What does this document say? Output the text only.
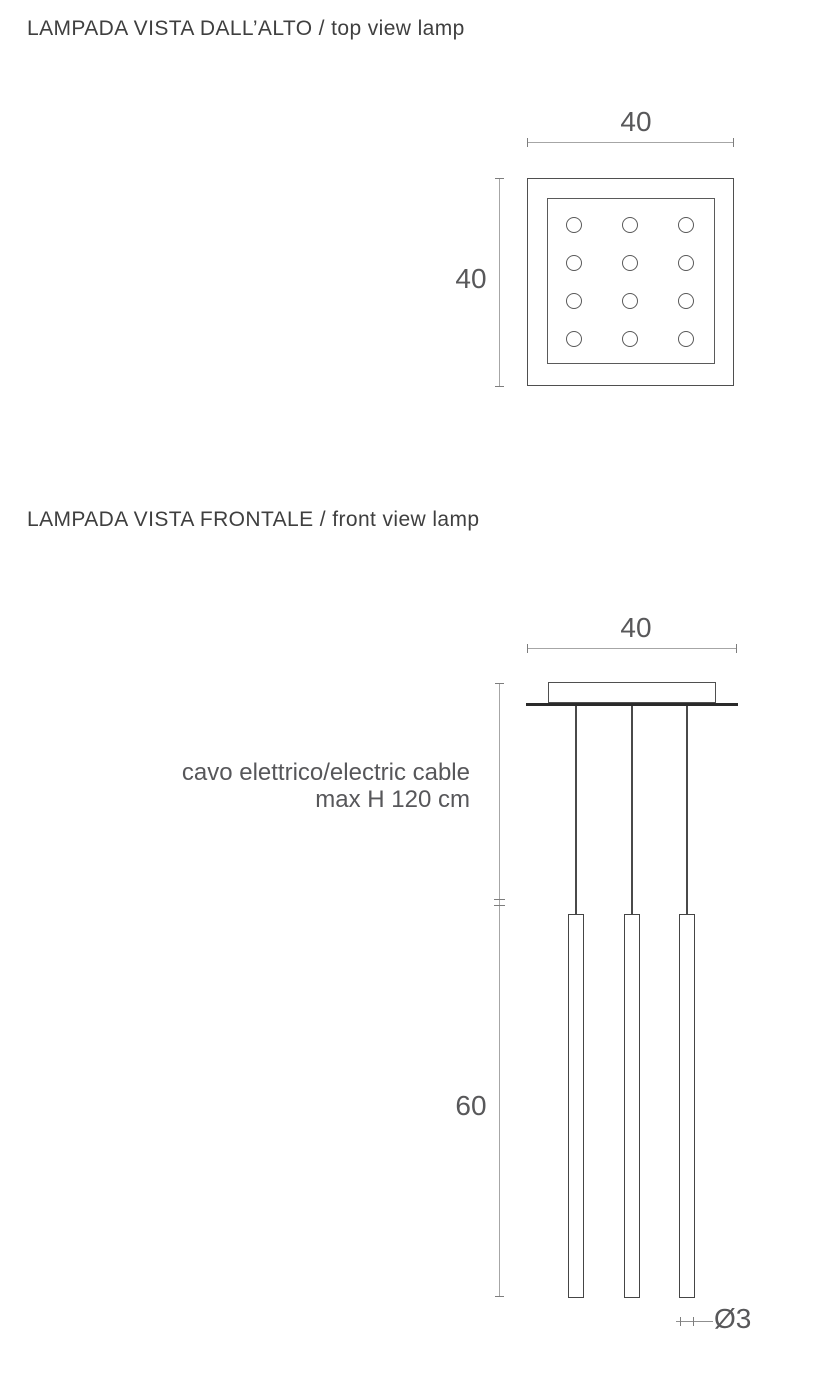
LAMPADA VISTA DALL’ALTO / top view lamp
40
40
LAMPADA VISTA FRONTALE / front view lamp
40
cavo elettrico/electric cable
max H 120 cm
60
Ø3
